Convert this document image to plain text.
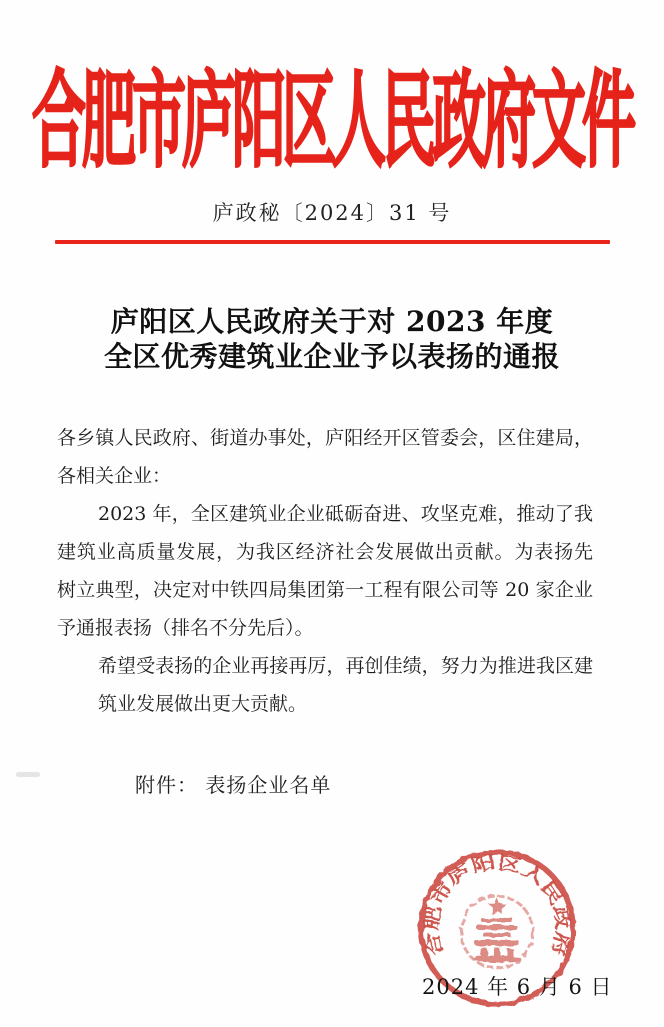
合肥市庐阳区人民政府文件
庐政秘〔2024〕31 号
庐阳区人民政府关于对 2023 年度
全区优秀建筑业企业予以表扬的通报
各乡镇人民政府、街道办事处，庐阳经开区管委会，区住建局，
各相关企业：
2023 年，全区建筑业企业砥砺奋进、攻坚克难，推动了我
建筑业高质量发展，为我区经济社会发展做出贡献。为表扬先
树立典型，决定对中铁四局集团第一工程有限公司等 20 家企业
予通报表扬（排名不分先后）。
希望受表扬的企业再接再厉，再创佳绩，努力为推进我区建
筑业发展做出更大贡献。
附件： 表扬企业名单
合肥市庐阳区人民政府
2024 年 6 月 6 日
